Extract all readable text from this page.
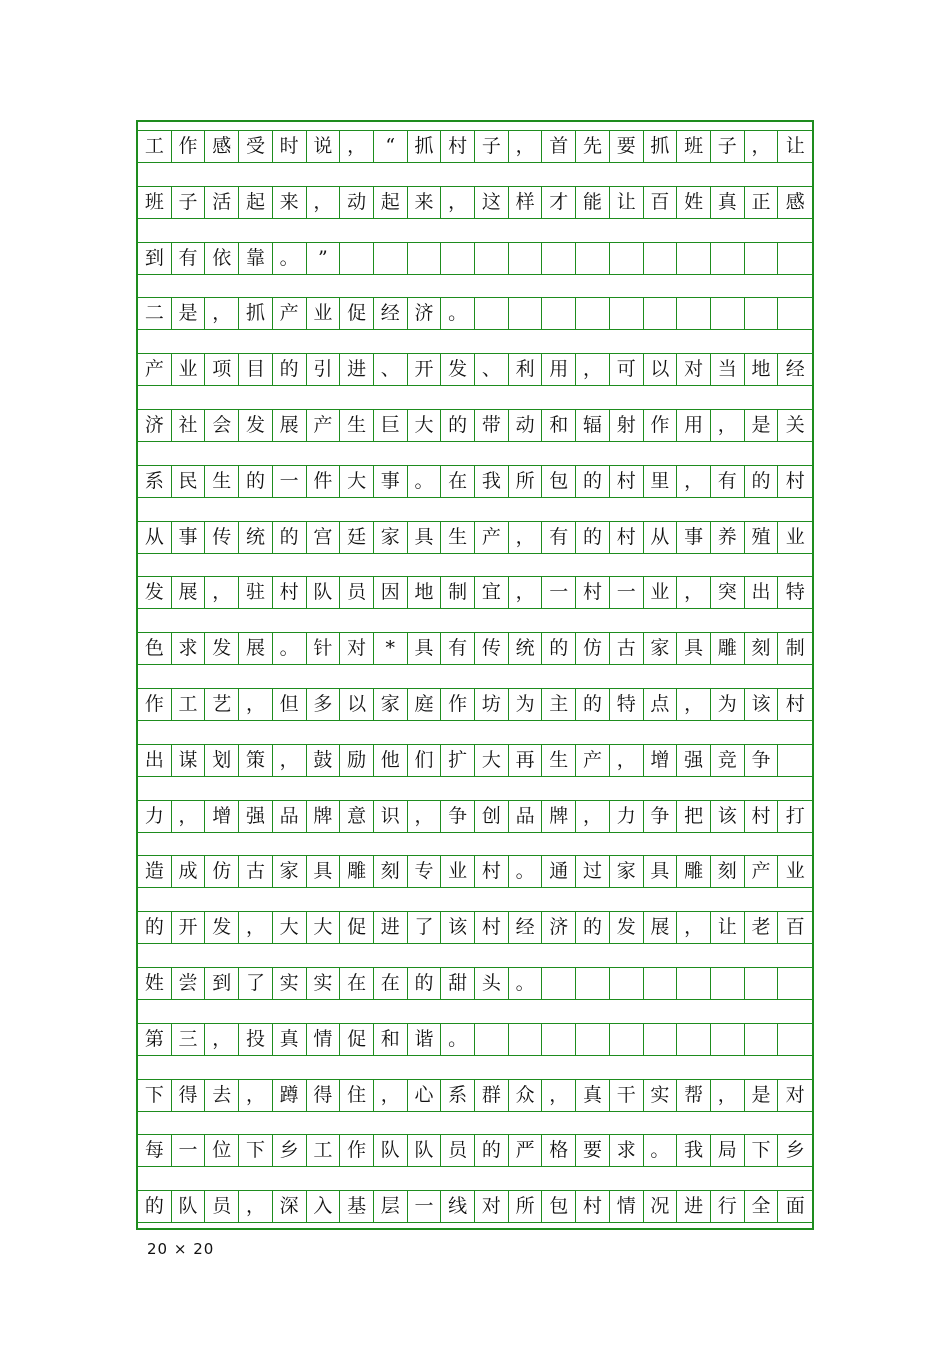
工 作 感 受 时 说 ，	“	抓 村 子 ， 首 先 要 抓 班 子 ， 让
班 子 活 起 来 ， 动 起 来 ， 这 样 才 能 让 百 姓 真 正 感
到 有 依 靠 。	”
二 是 ， 抓 产 业 促 经 济 。
产 业 项 目 的 引 进 、 开 发 、 利 用 ， 可 以 对 当 地 经
济 社 会 发 展 产 生 巨 大 的 带 动 和 辐 射 作 用 ， 是 关
系 民 生 的 一 件 大 事 。 在 我 所 包 的 村 里 ， 有 的 村
从 事 传 统 的 宫 廷 家 具 生 产 ， 有 的 村 从 事 养 殖 业
发 展 ， 驻 村 队 员 因 地 制 宜 ， 一 村 一 业 ， 突 出 特
色 求 发 展 。 针 对	*	具 有 传 统 的 仿 古 家 具 雕 刻 制
作 工 艺 ， 但 多 以 家 庭 作 坊 为 主 的 特 点 ， 为 该 村
出 谋 划 策 ， 鼓 励 他 们 扩 大 再 生 产 ， 增 强 竞 争
力 ， 增 强 品 牌 意 识 ， 争 创 品 牌 ， 力 争 把 该 村 打
造 成 仿 古 家 具 雕 刻 专 业 村 。 通 过 家 具 雕 刻 产 业
的 开 发 ， 大 大 促 进 了 该 村 经 济 的 发 展 ， 让 老 百
姓 尝 到 了 实 实 在 在 的 甜 头 。
第 三 ， 投 真 情 促 和 谐 。
下 得 去 ， 蹲 得 住 ， 心 系 群 众 ， 真 干 实 帮 ， 是 对
每 一 位 下 乡 工 作 队 队 员 的 严 格 要 求 。 我 局 下 乡
的 队 员 ， 深 入 基 层 一 线 对 所 包 村 情 况 进 行 全 面
20 × 20
